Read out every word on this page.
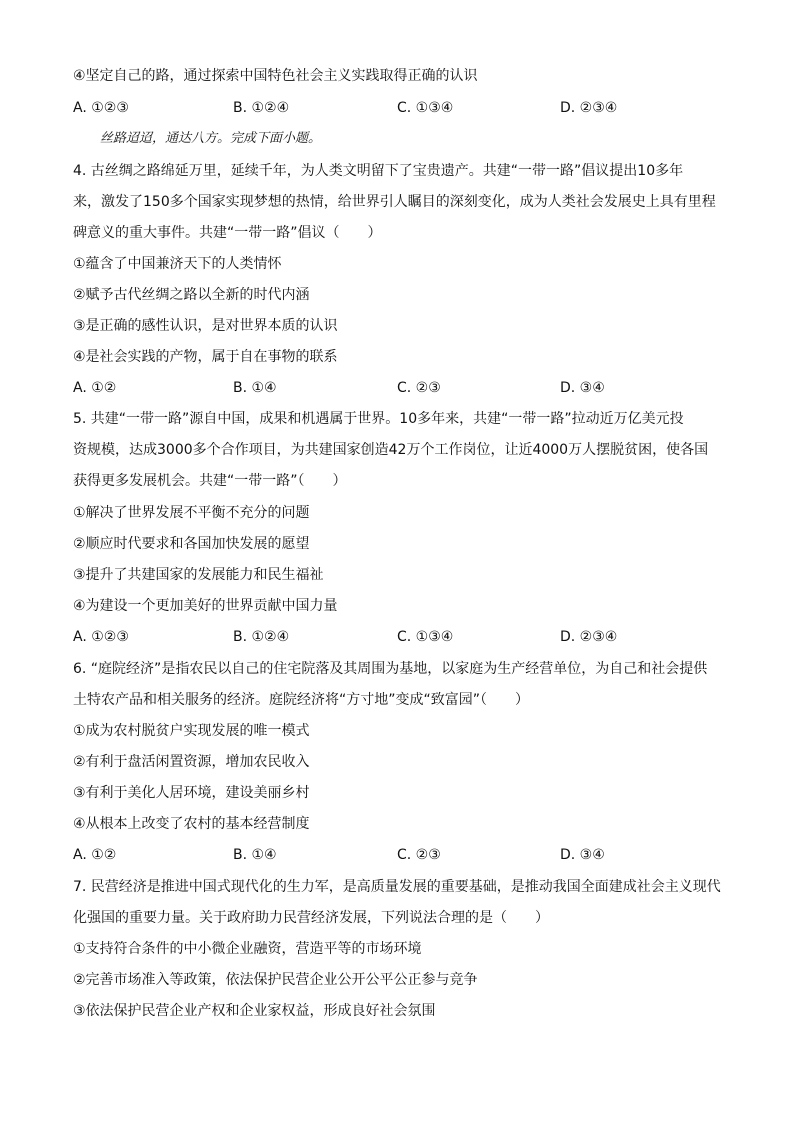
④坚定自己的路，通过探索中国特色社会主义实践取得正确的认识
A. ①②③	B. ①②④	C. ①③④	D. ②③④
丝路迢迢，通达八方。完成下面小题。
4. 古丝绸之路绵延万里，延续千年，为人类文明留下了宝贵遗产。共建“一带一路”倡议提出10多年
来，激发了150多个国家实现梦想的热情，给世界引人瞩目的深刻变化，成为人类社会发展史上具有里程
碑意义的重大事件。共建“一带一路”倡议（　　）
①蕴含了中国兼济天下的人类情怀
②赋予古代丝绸之路以全新的时代内涵
③是正确的感性认识，是对世界本质的认识
④是社会实践的产物，属于自在事物的联系
A. ①②	B. ①④	C. ②③	D. ③④
5. 共建“一带一路”源自中国，成果和机遇属于世界。10多年来，共建“一带一路”拉动近万亿美元投
资规模，达成3000多个合作项目，为共建国家创造42万个工作岗位，让近4000万人摆脱贫困，使各国
获得更多发展机会。共建“一带一路”（　　）
①解决了世界发展不平衡不充分的问题
②顺应时代要求和各国加快发展的愿望
③提升了共建国家的发展能力和民生福祉
④为建设一个更加美好的世界贡献中国力量
A. ①②③	B. ①②④	C. ①③④	D. ②③④
6. “庭院经济”是指农民以自己的住宅院落及其周围为基地，以家庭为生产经营单位，为自己和社会提供
土特农产品和相关服务的经济。庭院经济将“方寸地”变成“致富园”（　　）
①成为农村脱贫户实现发展的唯一模式
②有利于盘活闲置资源，增加农民收入
③有利于美化人居环境，建设美丽乡村
④从根本上改变了农村的基本经营制度
A. ①②	B. ①④	C. ②③	D. ③④
7. 民营经济是推进中国式现代化的生力军，是高质量发展的重要基础，是推动我国全面建成社会主义现代
化强国的重要力量。关于政府助力民营经济发展，下列说法合理的是（　　）
①支持符合条件的中小微企业融资，营造平等的市场环境
②完善市场准入等政策，依法保护民营企业公开公平公正参与竞争
③依法保护民营企业产权和企业家权益，形成良好社会氛围
